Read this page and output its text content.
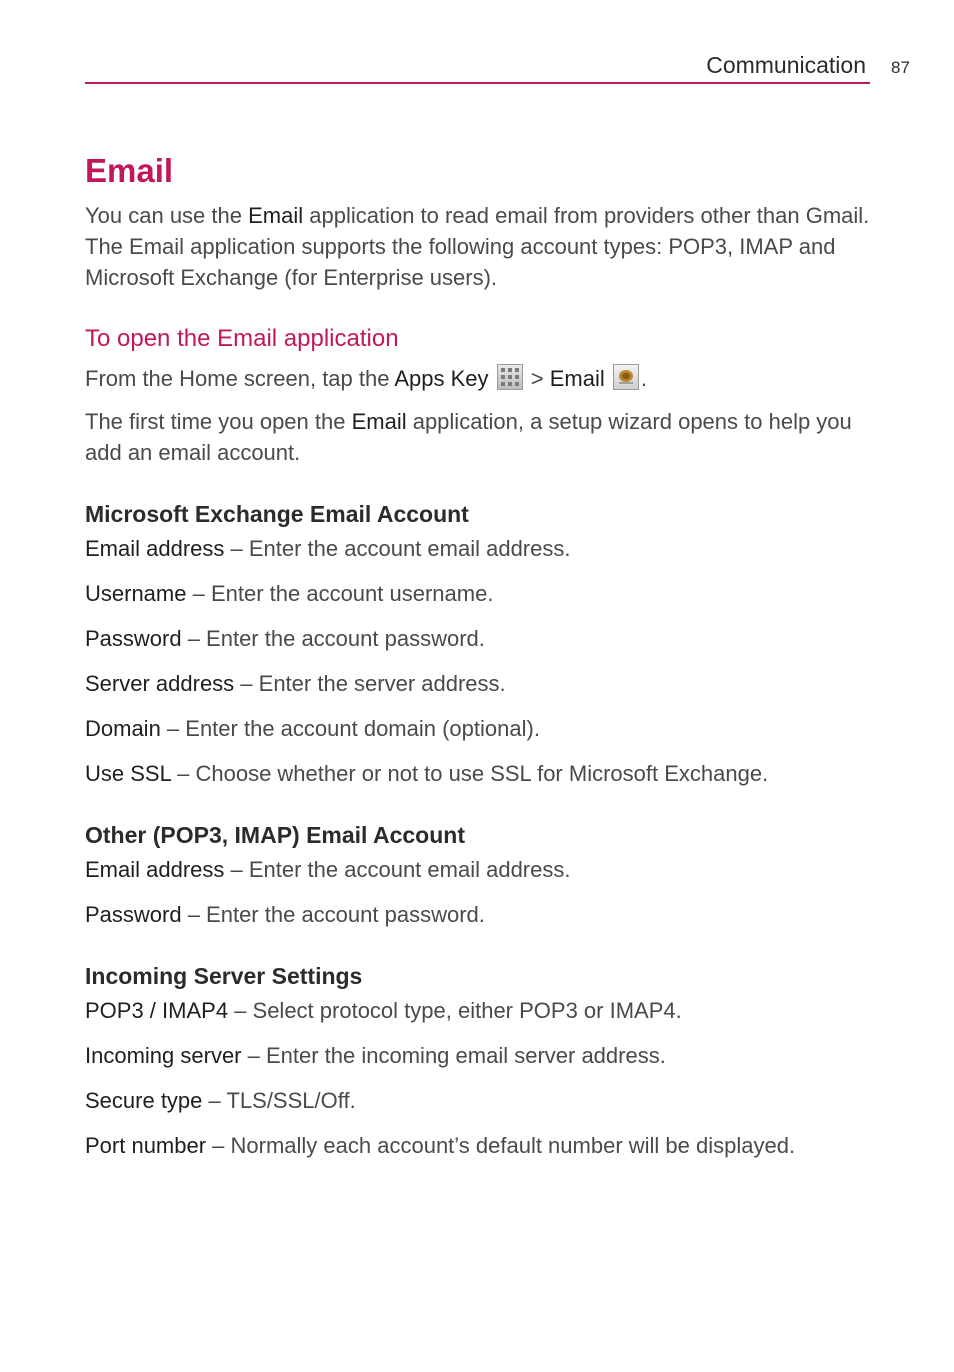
Communication 87
Email

You can use the Email application to read email from providers other than Gmail. The Email application supports the following account types: POP3, IMAP and Microsoft Exchange (for Enterprise users).

To open the Email application

From the Home screen, tap the Apps Key
> Email .

The first time you open the Email application, a setup wizard opens to help you add an email account.

Microsoft Exchange Email Account

Email address – Enter the account email address.

Username – Enter the account username.

Password – Enter the account password.

Server address – Enter the server address.

Domain – Enter the account domain (optional).

Use SSL – Choose whether or not to use SSL for Microsoft Exchange.

Other (POP3, IMAP) Email Account

Email address – Enter the account email address.

Password – Enter the account password.

Incoming Server Settings

POP3 / IMAP4 – Select protocol type, either POP3 or IMAP4.

Incoming server – Enter the incoming email server address.

Secure type – TLS/SSL/Off.

Port number – Normally each account’s default number will be displayed.
